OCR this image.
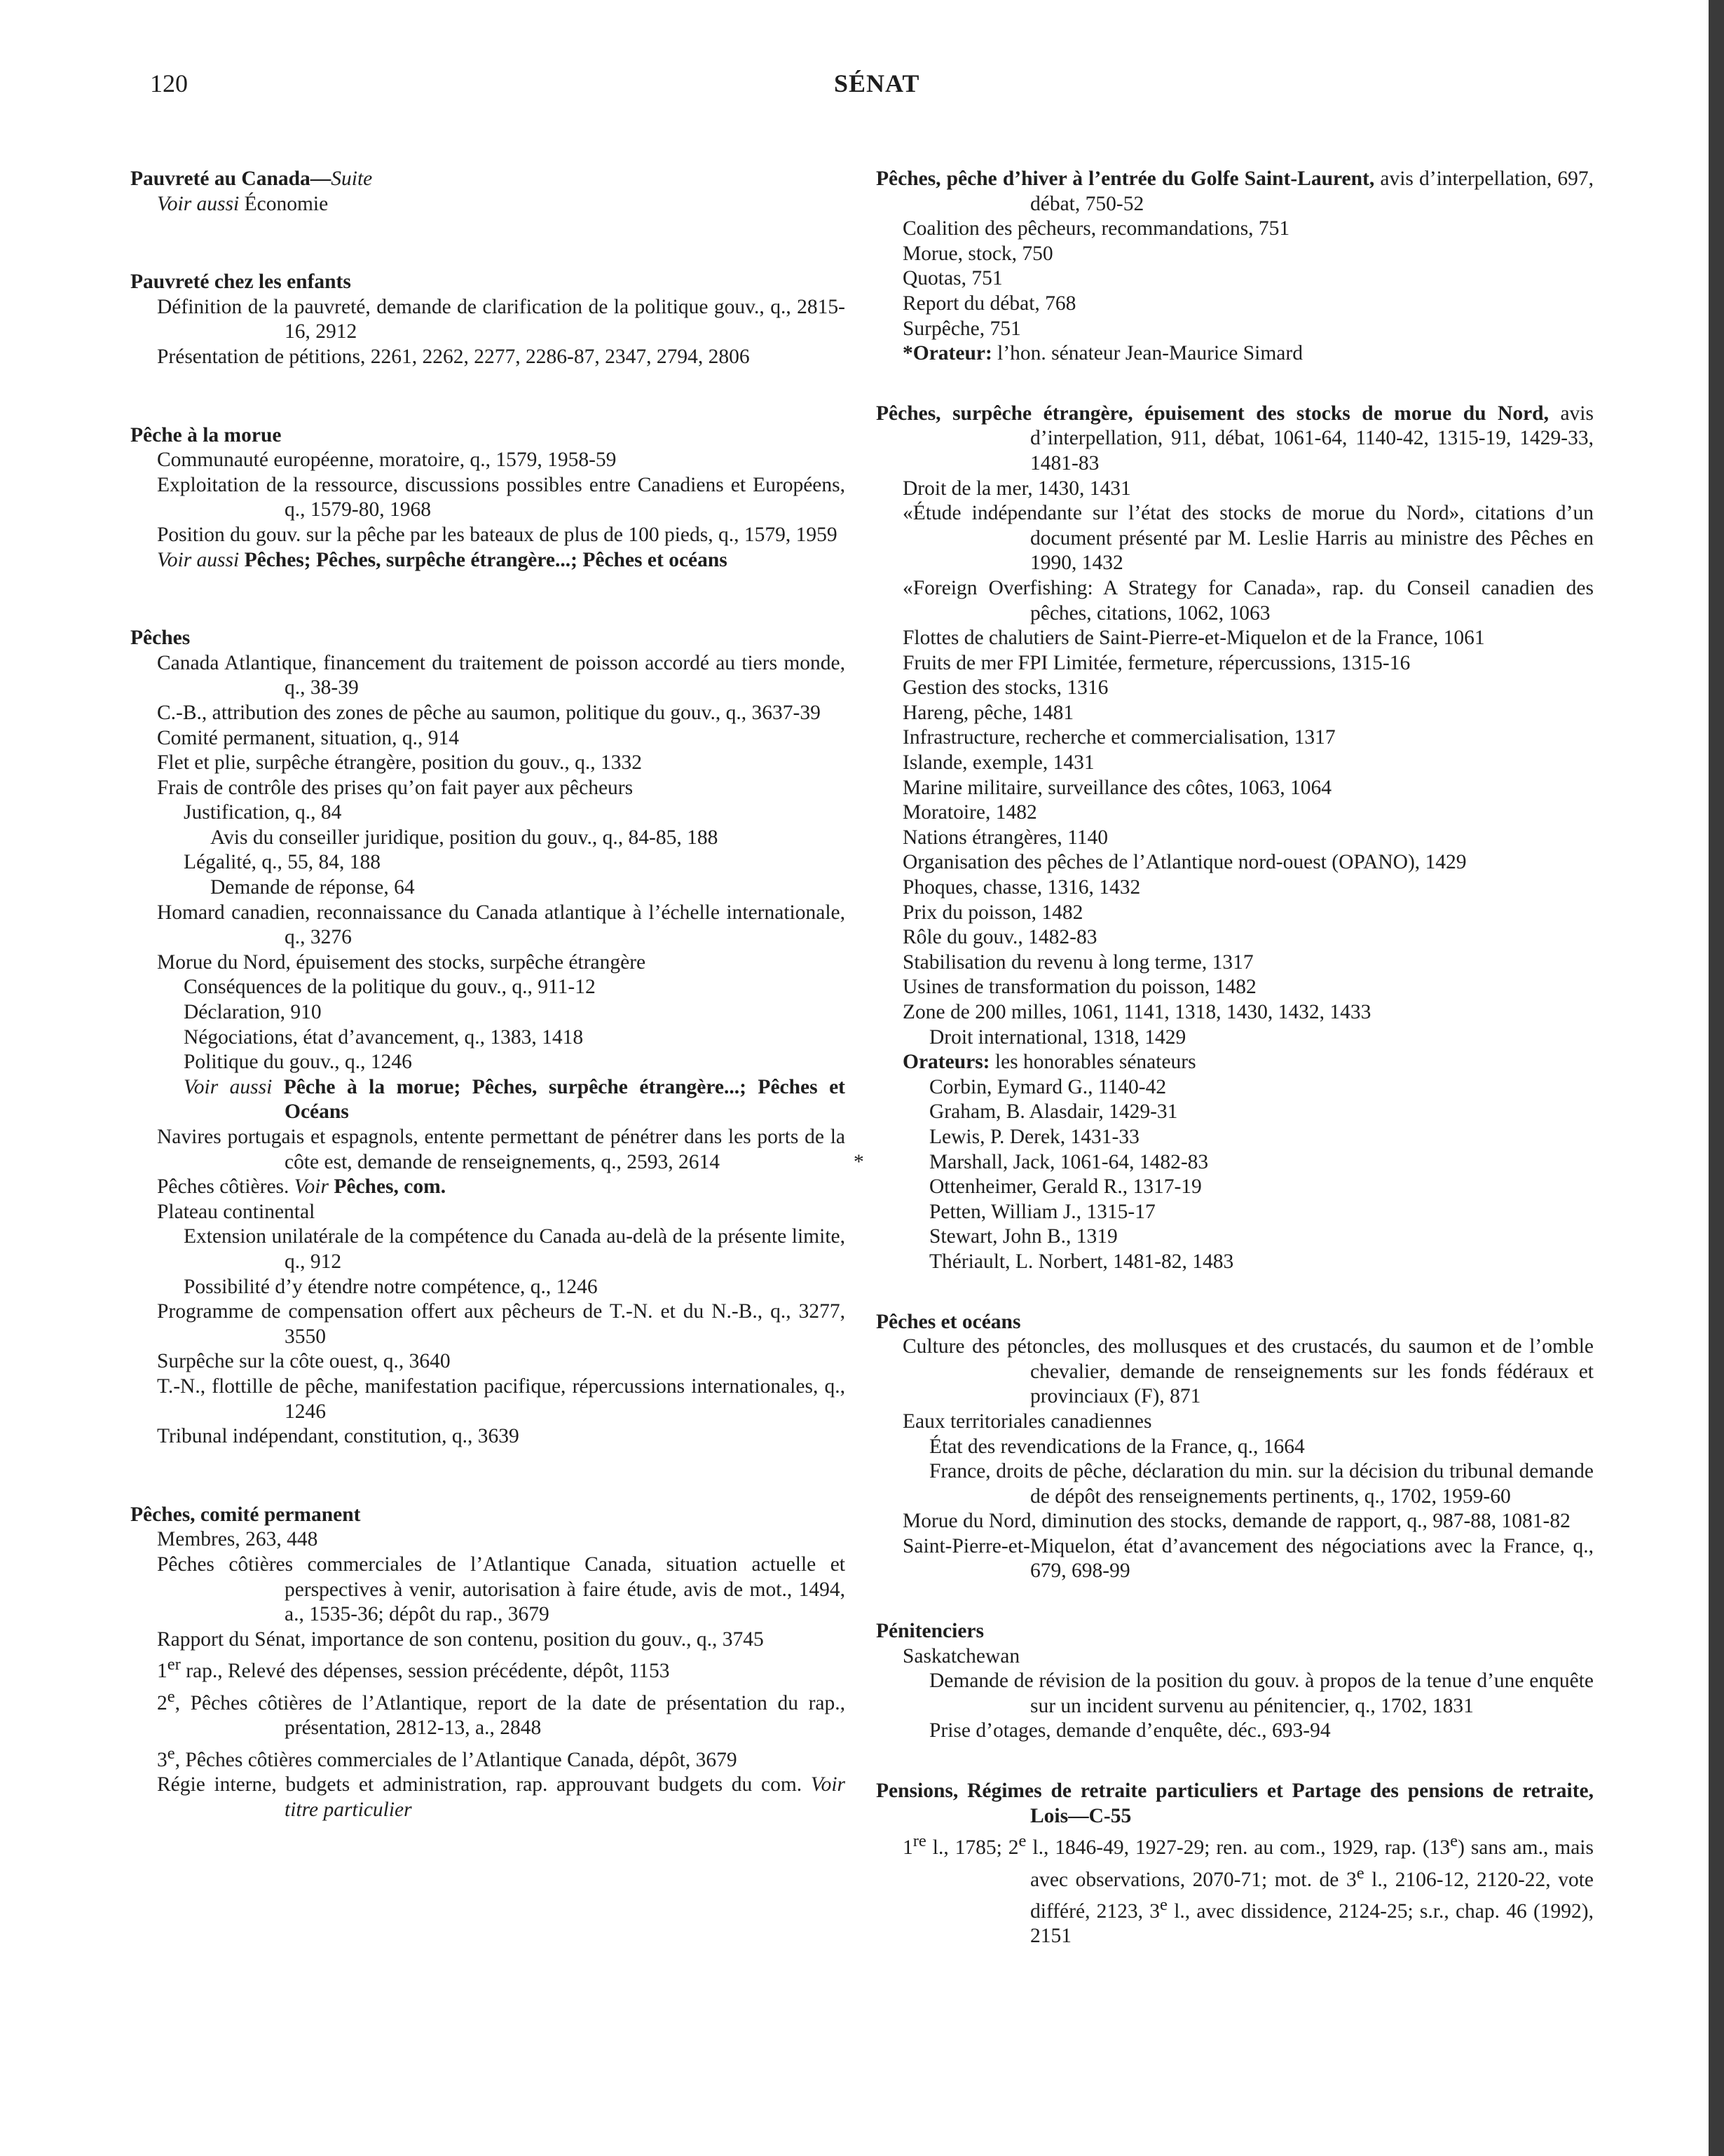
120	SÉNAT
Pauvreté au Canada—Suite
Voir aussi Économie
Pauvreté chez les enfants
Définition de la pauvreté, demande de clarification de la politique gouv., q., 2815-16, 2912
Présentation de pétitions, 2261, 2262, 2277, 2286-87, 2347, 2794, 2806
Pêche à la morue
Communauté européenne, moratoire, q., 1579, 1958-59
Exploitation de la ressource, discussions possibles entre Canadiens et Européens, q., 1579-80, 1968
Position du gouv. sur la pêche par les bateaux de plus de 100 pieds, q., 1579, 1959
Voir aussi Pêches; Pêches, surpêche étrangère...; Pêches et océans
Pêches
Canada Atlantique, financement du traitement de poisson accordé au tiers monde, q., 38-39
C.-B., attribution des zones de pêche au saumon, politique du gouv., q., 3637-39
Comité permanent, situation, q., 914
Flet et plie, surpêche étrangère, position du gouv., q., 1332
Frais de contrôle des prises qu’on fait payer aux pêcheurs
Justification, q., 84
Avis du conseiller juridique, position du gouv., q., 84-85, 188
Légalité, q., 55, 84, 188
Demande de réponse, 64
Homard canadien, reconnaissance du Canada atlantique à l’échelle internationale, q., 3276
Morue du Nord, épuisement des stocks, surpêche étrangère
Conséquences de la politique du gouv., q., 911-12
Déclaration, 910
Négociations, état d’avancement, q., 1383, 1418
Politique du gouv., q., 1246
Voir aussi Pêche à la morue; Pêches, surpêche étrangère...; Pêches et Océans
Navires portugais et espagnols, entente permettant de pénétrer dans les ports de la côte est, demande de renseignements, q., 2593, 2614
Pêches côtières. Voir Pêches, com.
Plateau continental
Extension unilatérale de la compétence du Canada au-delà de la présente limite, q., 912
Possibilité d’y étendre notre compétence, q., 1246
Programme de compensation offert aux pêcheurs de T.-N. et du N.-B., q., 3277, 3550
Surpêche sur la côte ouest, q., 3640
T.-N., flottille de pêche, manifestation pacifique, répercussions internationales, q., 1246
Tribunal indépendant, constitution, q., 3639
Pêches, comité permanent
Membres, 263, 448
Pêches côtières commerciales de l’Atlantique Canada, situation actuelle et perspectives à venir, autorisation à faire étude, avis de mot., 1494, a., 1535-36; dépôt du rap., 3679
Rapport du Sénat, importance de son contenu, position du gouv., q., 3745
1er rap., Relevé des dépenses, session précédente, dépôt, 1153
2e, Pêches côtières de l’Atlantique, report de la date de présentation du rap., présentation, 2812-13, a., 2848
3e, Pêches côtières commerciales de l’Atlantique Canada, dépôt, 3679
Régie interne, budgets et administration, rap. approuvant budgets du com. Voir titre particulier
Pêches, pêche d’hiver à l’entrée du Golfe Saint-Laurent, avis d’interpellation, 697, débat, 750-52
Coalition des pêcheurs, recommandations, 751
Morue, stock, 750
Quotas, 751
Report du débat, 768
Surpêche, 751
*Orateur: l’hon. sénateur Jean-Maurice Simard
Pêches, surpêche étrangère, épuisement des stocks de morue du Nord, avis d’interpellation, 911, débat, 1061-64, 1140-42, 1315-19, 1429-33, 1481-83
Droit de la mer, 1430, 1431
«Étude indépendante sur l’état des stocks de morue du Nord», citations d’un document présenté par M. Leslie Harris au ministre des Pêches en 1990, 1432
«Foreign Overfishing: A Strategy for Canada», rap. du Conseil canadien des pêches, citations, 1062, 1063
Flottes de chalutiers de Saint-Pierre-et-Miquelon et de la France, 1061
Fruits de mer FPI Limitée, fermeture, répercussions, 1315-16
Gestion des stocks, 1316
Hareng, pêche, 1481
Infrastructure, recherche et commercialisation, 1317
Islande, exemple, 1431
Marine militaire, surveillance des côtes, 1063, 1064
Moratoire, 1482
Nations étrangères, 1140
Organisation des pêches de l’Atlantique nord-ouest (OPANO), 1429
Phoques, chasse, 1316, 1432
Prix du poisson, 1482
Rôle du gouv., 1482-83
Stabilisation du revenu à long terme, 1317
Usines de transformation du poisson, 1482
Zone de 200 milles, 1061, 1141, 1318, 1430, 1432, 1433
Droit international, 1318, 1429
Orateurs: les honorables sénateurs
Corbin, Eymard G., 1140-42
Graham, B. Alasdair, 1429-31
Lewis, P. Derek, 1431-33
*	Marshall, Jack, 1061-64, 1482-83
Ottenheimer, Gerald R., 1317-19
Petten, William J., 1315-17
Stewart, John B., 1319
Thériault, L. Norbert, 1481-82, 1483
Pêches et océans
Culture des pétoncles, des mollusques et des crustacés, du saumon et de l’omble chevalier, demande de renseignements sur les fonds fédéraux et provinciaux (F), 871
Eaux territoriales canadiennes
État des revendications de la France, q., 1664
France, droits de pêche, déclaration du min. sur la décision du tribunal demande de dépôt des renseignements pertinents, q., 1702, 1959-60
Morue du Nord, diminution des stocks, demande de rapport, q., 987-88, 1081-82
Saint-Pierre-et-Miquelon, état d’avancement des négociations avec la France, q., 679, 698-99
Pénitenciers
Saskatchewan
Demande de révision de la position du gouv. à propos de la tenue d’une enquête sur un incident survenu au pénitencier, q., 1702, 1831
Prise d’otages, demande d’enquête, déc., 693-94
Pensions, Régimes de retraite particuliers et Partage des pensions de retraite, Lois—C-55
1re l., 1785; 2e l., 1846-49, 1927-29; ren. au com., 1929, rap. (13e) sans am., mais avec observations, 2070-71; mot. de 3e l., 2106-12, 2120-22, vote différé, 2123, 3e l., avec dissidence, 2124-25; s.r., chap. 46 (1992), 2151
